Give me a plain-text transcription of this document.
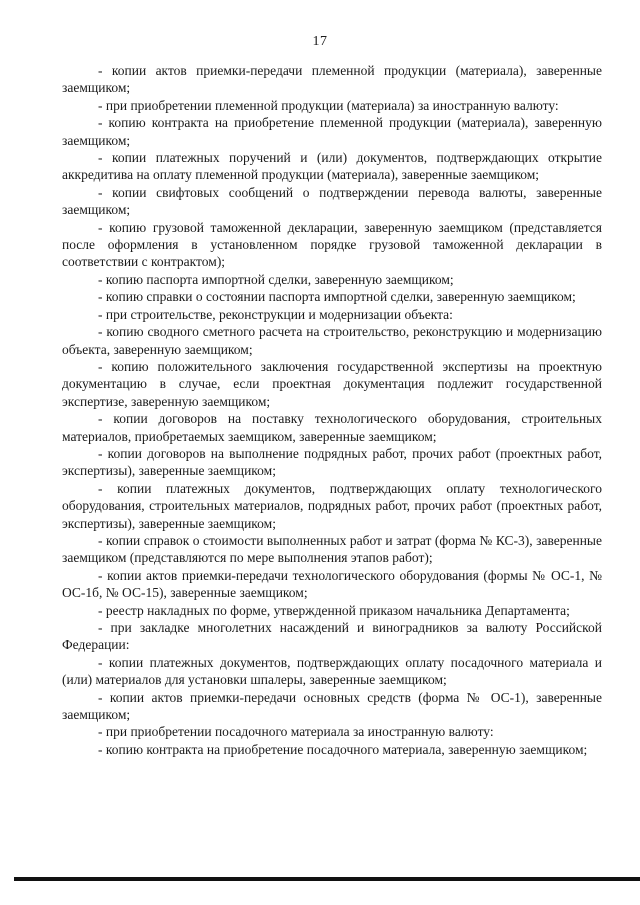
17

- копии актов приемки-передачи племенной продукции (материала), заверенные заемщиком;

- при приобретении племенной продукции (материала) за иностранную валюту:

- копию контракта на приобретение племенной продукции (материала), заверенную заемщиком;

- копии платежных поручений и (или) документов, подтверждающих открытие аккредитива на оплату племенной продукции (материала), заверенные заемщиком;

- копии свифтовых сообщений о подтверждении перевода валюты, заверенные заемщиком;

- копию грузовой таможенной декларации, заверенную заемщиком (представляется после оформления в установленном порядке грузовой таможенной декларации в соответствии с контрактом);

- копию паспорта импортной сделки, заверенную заемщиком;

- копию справки о состоянии паспорта импортной сделки, заверенную заемщиком;

- при строительстве, реконструкции и модернизации объекта:

- копию сводного сметного расчета на строительство, реконструкцию и модернизацию объекта, заверенную заемщиком;

- копию положительного заключения государственной экспертизы на проектную документацию в случае, если проектная документация подлежит государственной экспертизе, заверенную заемщиком;

- копии договоров на поставку технологического оборудования, строительных материалов, приобретаемых заемщиком, заверенные заемщиком;

- копии договоров на выполнение подрядных работ, прочих работ (проектных работ, экспертизы), заверенные заемщиком;

- копии платежных документов, подтверждающих оплату технологического оборудования, строительных материалов, подрядных работ, прочих работ (проектных работ, экспертизы), заверенные заемщиком;

- копии справок о стоимости выполненных работ и затрат (форма № КС-3), заверенные заемщиком (представляются по мере выполнения этапов работ);

- копии актов приемки-передачи технологического оборудования (формы № ОС-1, № ОС-1б, № ОС-15), заверенные заемщиком;

- реестр накладных по форме, утвержденной приказом начальника Департамента;

- при закладке многолетних насаждений и виноградников за валюту Российской Федерации:

- копии платежных документов, подтверждающих оплату посадочного материала и (или) материалов для установки шпалеры, заверенные заемщиком;

- копии актов приемки-передачи основных средств (форма № ОС-1), заверенные заемщиком;

- при приобретении посадочного материала за иностранную валюту:

- копию контракта на приобретение посадочного материала, заверенную заемщиком;
